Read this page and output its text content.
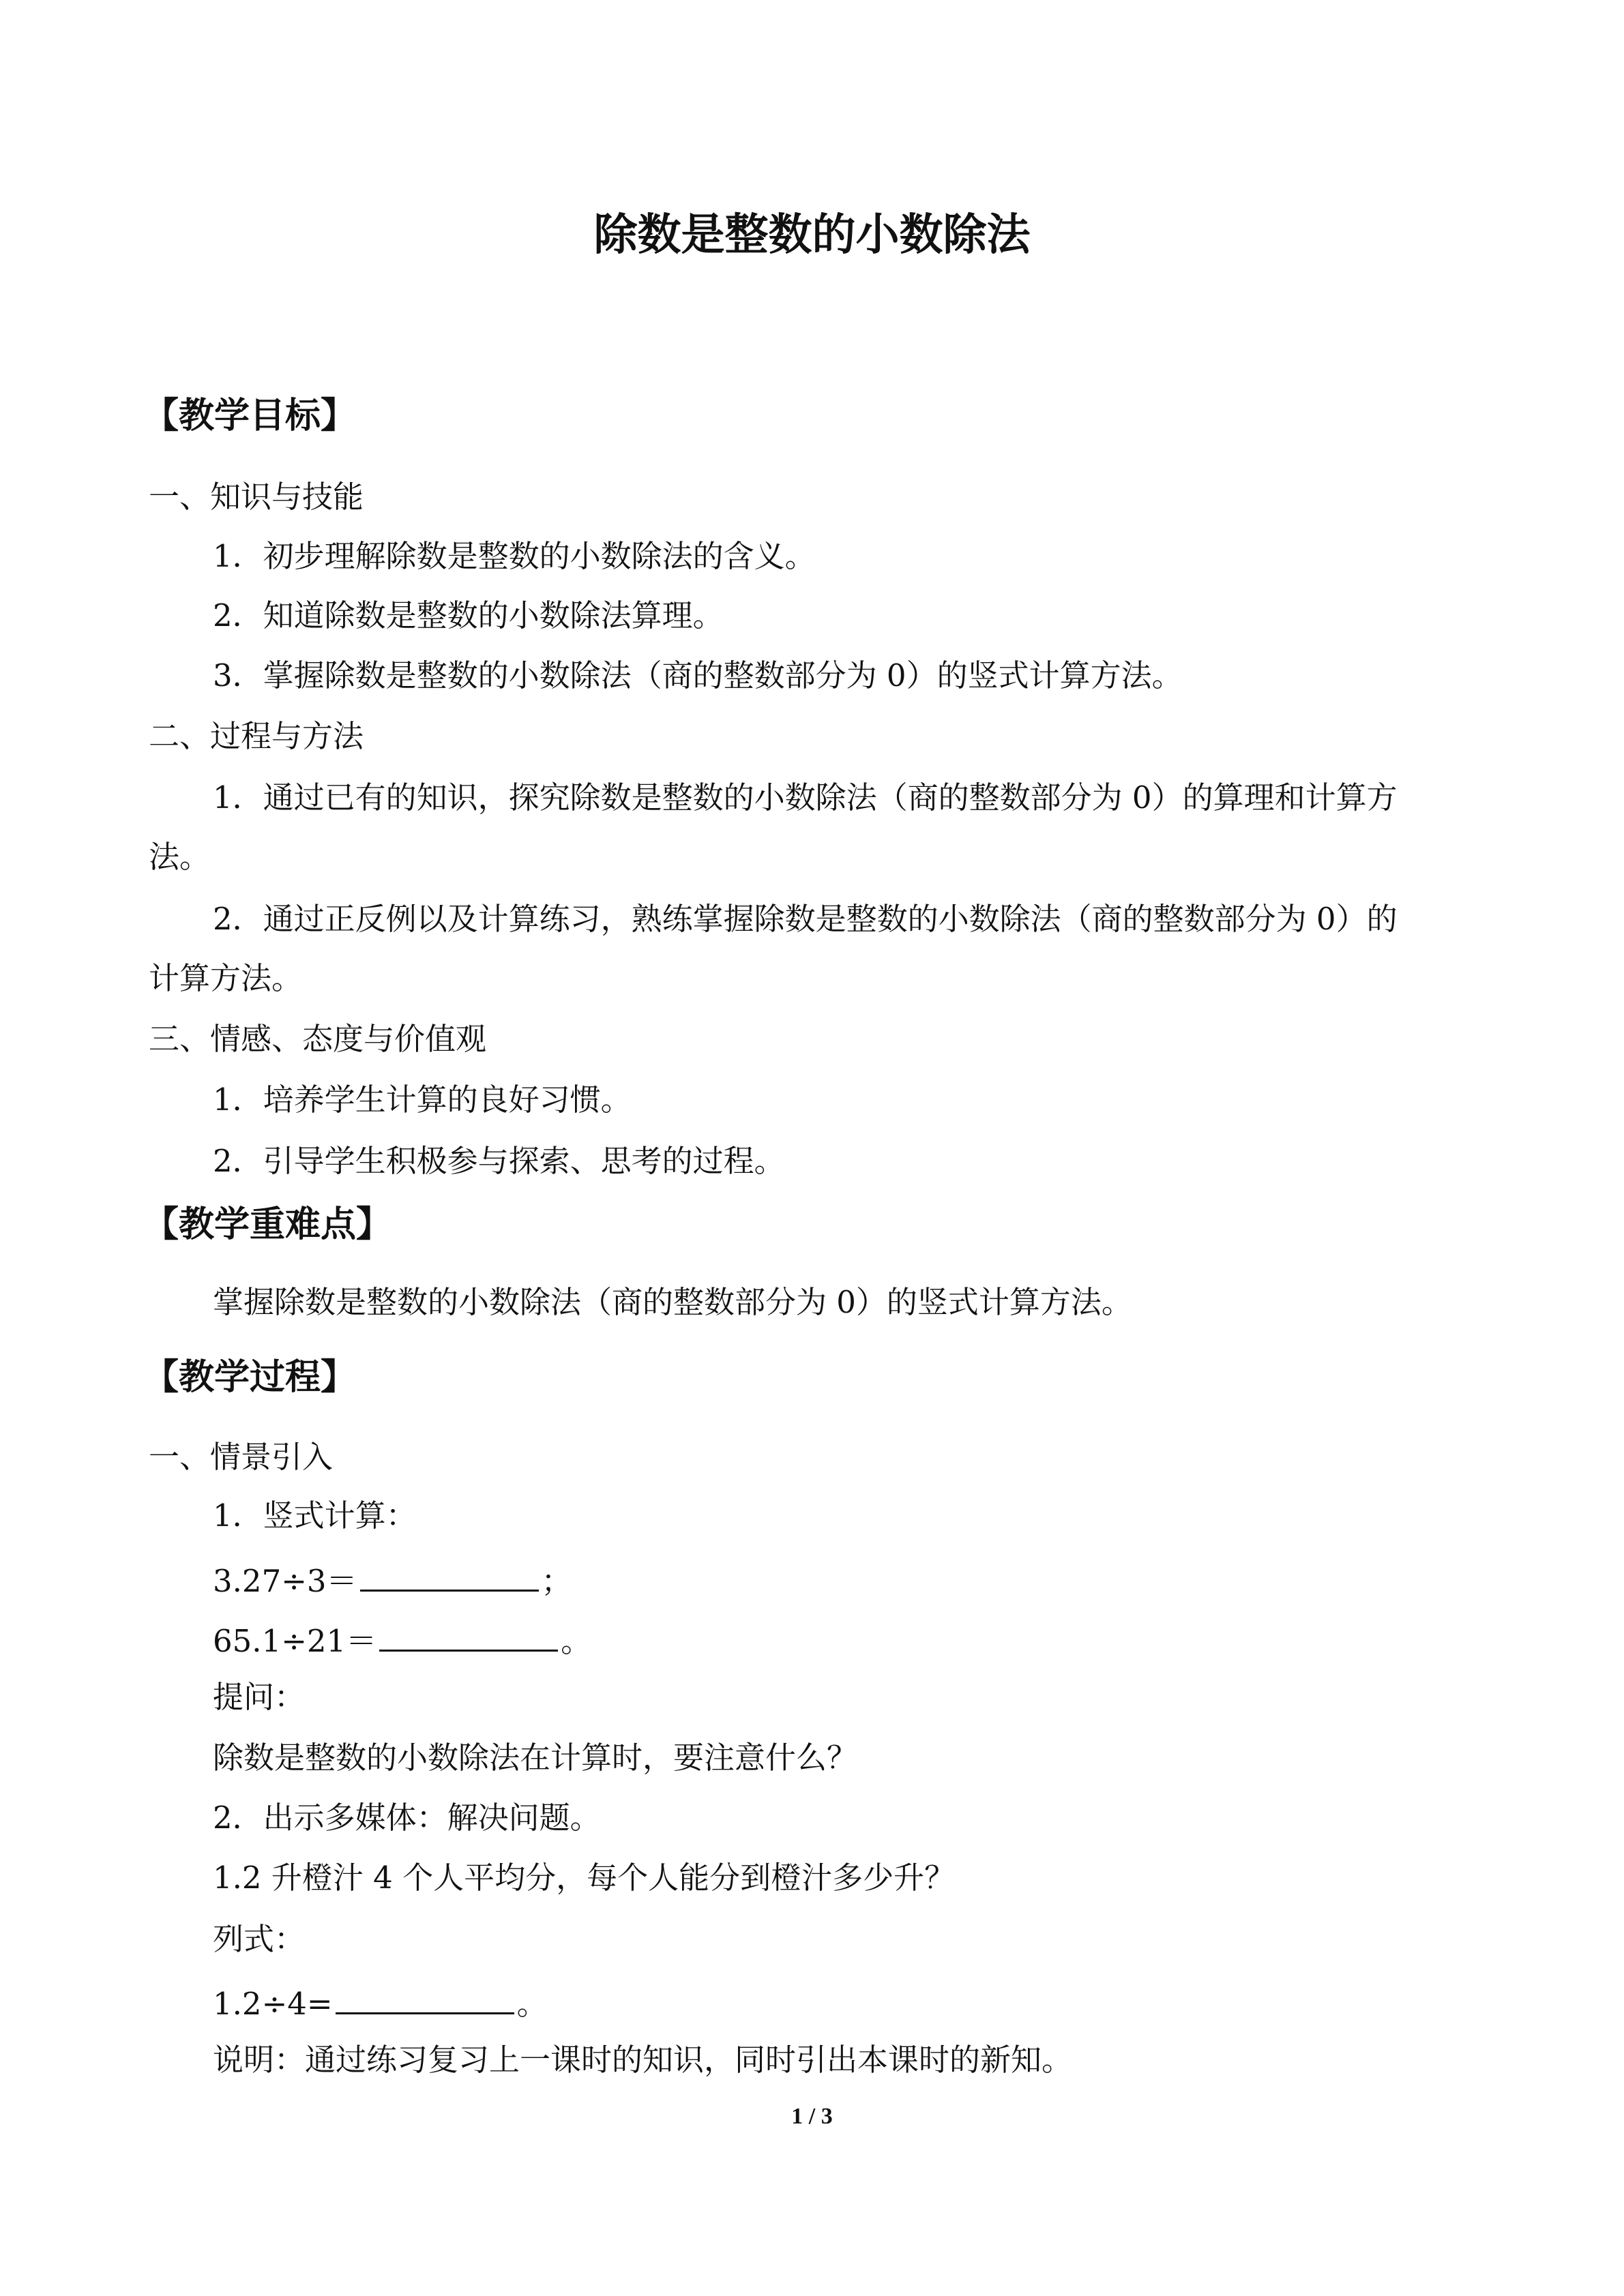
除数是整数的小数除法
【教学目标】
一、知识与技能
1．初步理解除数是整数的小数除法的含义。
2．知道除数是整数的小数除法算理。
3．掌握除数是整数的小数除法（商的整数部分为 0）的竖式计算方法。
二、过程与方法
1．通过已有的知识，探究除数是整数的小数除法（商的整数部分为 0）的算理和计算方
法。
2．通过正反例以及计算练习，熟练掌握除数是整数的小数除法（商的整数部分为 0）的
计算方法。
三、情感、态度与价值观
1．培养学生计算的良好习惯。
2．引导学生积极参与探索、思考的过程。
【教学重难点】
掌握除数是整数的小数除法（商的整数部分为 0）的竖式计算方法。
【教学过程】
一、情景引入
1．竖式计算：
3.27÷3＝	；
65.1÷21＝	。
提问：
除数是整数的小数除法在计算时，要注意什么？
2．出示多媒体：解决问题。
1.2 升橙汁 4 个人平均分，每个人能分到橙汁多少升？
列式：
1.2÷4=	。
说明：通过练习复习上一课时的知识，同时引出本课时的新知。
1 / 3
